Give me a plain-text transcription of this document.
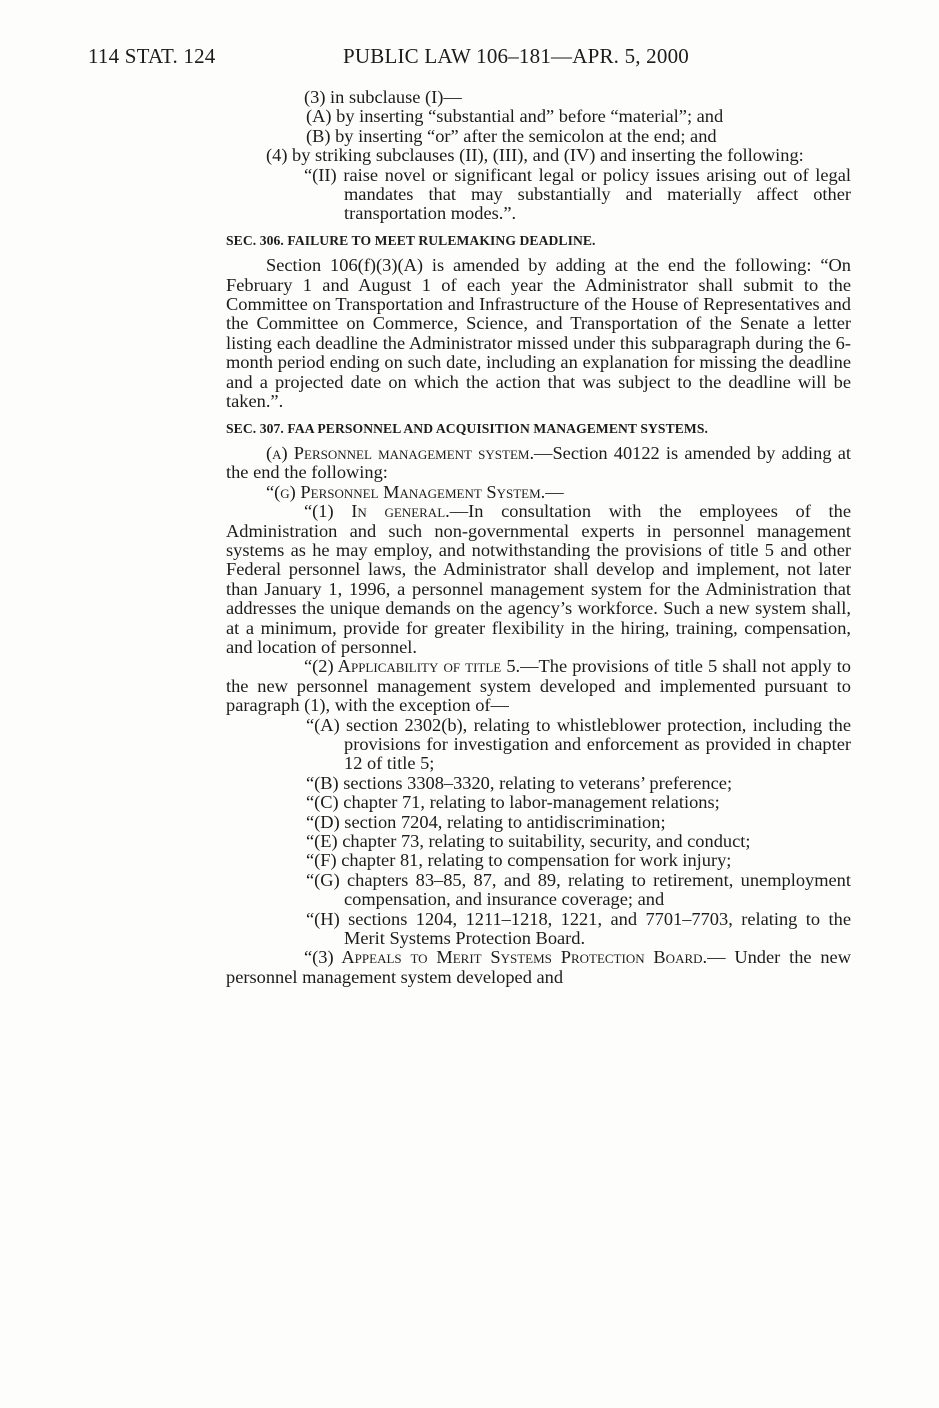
114 STAT. 124	PUBLIC LAW 106–181—APR. 5, 2000

(3) in subclause (I)—

(A) by inserting “substantial and” before “material”; and

(B) by inserting “or” after the semicolon at the end; and

(4) by striking subclauses (II), (III), and (IV) and inserting the following:

“(II) raise novel or significant legal or policy issues arising out of legal mandates that may substantially and materially affect other transportation modes.”.

SEC. 306. FAILURE TO MEET RULEMAKING DEADLINE.

Section 106(f)(3)(A) is amended by adding at the end the following: “On February 1 and August 1 of each year the Administrator shall submit to the Committee on Transportation and Infrastructure of the House of Representatives and the Committee on Commerce, Science, and Transportation of the Senate a letter listing each deadline the Administrator missed under this subparagraph during the 6-month period ending on such date, including an explanation for missing the deadline and a projected date on which the action that was subject to the deadline will be taken.”.

SEC. 307. FAA PERSONNEL AND ACQUISITION MANAGEMENT SYSTEMS.

(a) Personnel management system.—Section 40122 is amended by adding at the end the following:

“(g) Personnel Management System.—

“(1) In general.—In consultation with the employees of the Administration and such non-governmental experts in personnel management systems as he may employ, and notwithstanding the provisions of title 5 and other Federal personnel laws, the Administrator shall develop and implement, not later than January 1, 1996, a personnel management system for the Administration that addresses the unique demands on the agency’s workforce. Such a new system shall, at a minimum, provide for greater flexibility in the hiring, training, compensation, and location of personnel.

“(2) Applicability of title 5.—The provisions of title 5 shall not apply to the new personnel management system developed and implemented pursuant to paragraph (1), with the exception of—

“(A) section 2302(b), relating to whistleblower protection, including the provisions for investigation and enforcement as provided in chapter 12 of title 5;

“(B) sections 3308–3320, relating to veterans’ preference;

“(C) chapter 71, relating to labor-management relations;

“(D) section 7204, relating to antidiscrimination;

“(E) chapter 73, relating to suitability, security, and conduct;

“(F) chapter 81, relating to compensation for work injury;

“(G) chapters 83–85, 87, and 89, relating to retirement, unemployment compensation, and insurance coverage; and

“(H) sections 1204, 1211–1218, 1221, and 7701–7703, relating to the Merit Systems Protection Board.

“(3) Appeals to Merit Systems Protection Board.— Under the new personnel management system developed and
